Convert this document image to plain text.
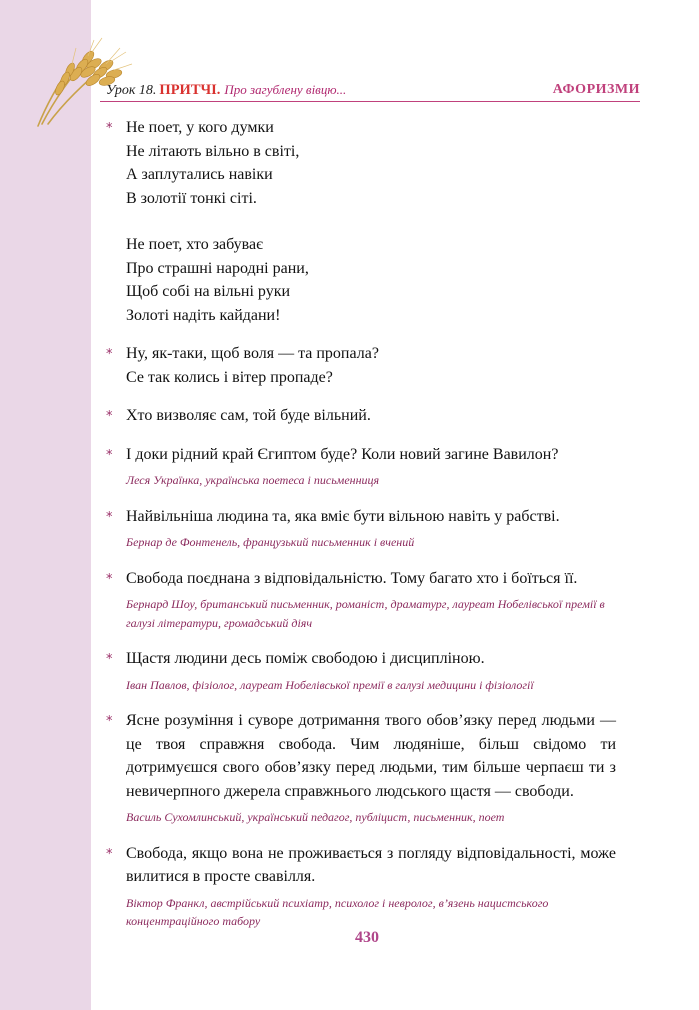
Урок 18. ПРИТЧІ. Про загублену вівцю...	АФОРИЗМИ
* Не поет, у кого думки
Не літають вільно в світі,
А заплутались навіки
В золотії тонкі сіті.
Не поет, хто забуває
Про страшні народні рани,
Щоб собі на вільні руки
Золоті надіть кайдани!
* Ну, як-таки, щоб воля — та пропала?
Се так колись і вітер пропаде?
* Хто визволяє сам, той буде вільний.
* І доки рідний край Єгиптом буде? Коли новий загине Вавилон?
Леся Українка, українська поетеса і письменниця
* Найвільніша людина та, яка вміє бути вільною навіть у рабстві.
Бернар де Фонтенель, французький письменник і вчений
* Свобода поєднана з відповідальністю. Тому багато хто і боїться її.
Бернард Шоу, британський письменник, романіст, драматург, лауреат Нобелівської премії в галузі літератури, громадський діяч
* Щастя людини десь поміж свободою і дисципліною.
Іван Павлов, фізіолог, лауреат Нобелівської премії в галузі медицини і фізіології
* Ясне розуміння і суворе дотримання твого обов’язку перед людьми — це твоя справжня свобода. Чим людяніше, більш свідомо ти дотримуєшся свого обов’язку перед людьми, тим більше черпаєш ти з невичерпного джерела справжнього людського щастя — свободи.
Василь Сухомлинський, український педагог, публіцист, письменник, поет
* Свобода, якщо вона не проживається з погляду відповідальності, може вилитися в просте свавілля.
Віктор Франкл, австрійський психіатр, психолог і невролог, в’язень нацистського концентраційного табору
430
